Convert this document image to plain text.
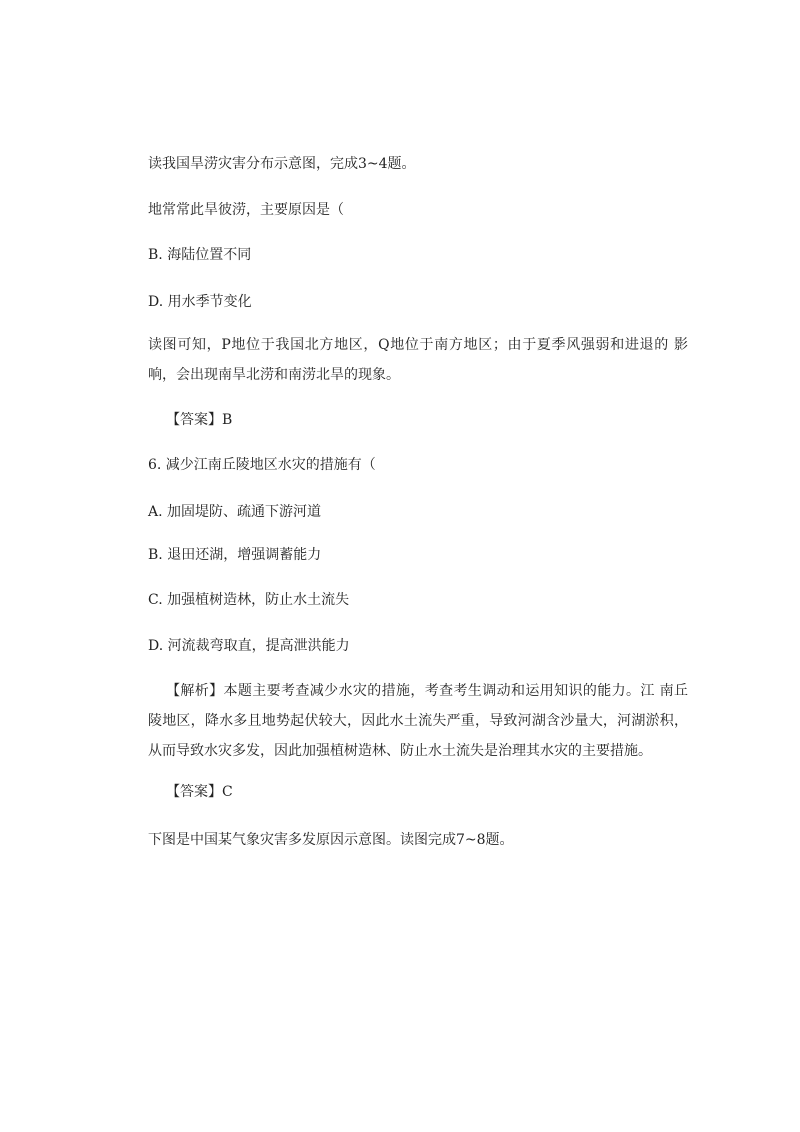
读我国旱涝灾害分布示意图，完成3~4题。
地常常此旱彼涝，主要原因是（
B. 海陆位置不同
D. 用水季节变化
读图可知，P地位于我国北方地区，Q地位于南方地区；由于夏季风强弱和进退的 影响，会出现南旱北涝和南涝北旱的现象。
【答案】B
6. 减少江南丘陵地区水灾的措施有（
A. 加固堤防、疏通下游河道
B. 退田还湖，增强调蓄能力
C. 加强植树造林，防止水土流失
D. 河流裁弯取直，提高泄洪能力
【解析】本题主要考查减少水灾的措施，考查考生调动和运用知识的能力。江 南丘陵地区，降水多且地势起伏较大，因此水土流失严重，导致河湖含沙量大，河湖淤积，从而导致水灾多发，因此加强植树造林、防止水土流失是治理其水灾的主要措施。
【答案】C
下图是中国某气象灾害多发原因示意图。读图完成7~8题。
